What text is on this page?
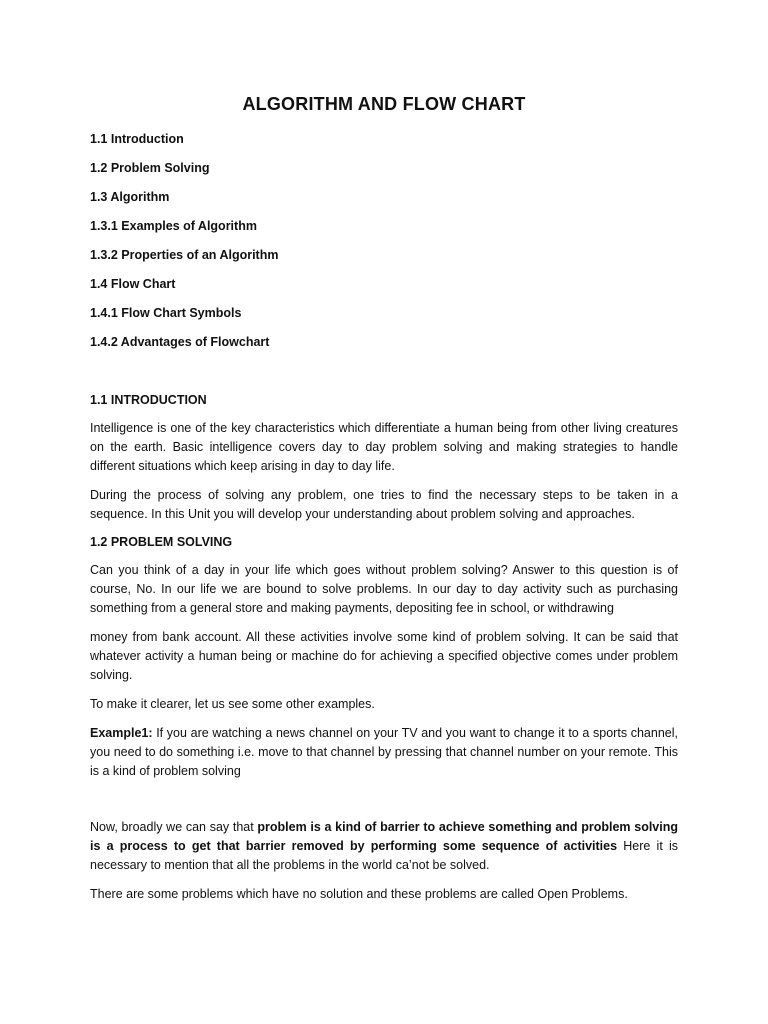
ALGORITHM AND FLOW CHART
1.1 Introduction
1.2 Problem Solving
1.3 Algorithm
1.3.1 Examples of Algorithm
1.3.2 Properties of an Algorithm
1.4 Flow Chart
1.4.1 Flow Chart Symbols
1.4.2 Advantages of Flowchart
1.1 INTRODUCTION

Intelligence is one of the key characteristics which differentiate a human being from other living creatures on the earth. Basic intelligence covers day to day problem solving and making strategies to handle different situations which keep arising in day to day life.

During the process of solving any problem, one tries to find the necessary steps to be taken in a sequence. In this Unit you will develop your understanding about problem solving and approaches.

1.2 PROBLEM SOLVING

Can you think of a day in your life which goes without problem solving? Answer to this question is of course, No. In our life we are bound to solve problems. In our day to day activity such as purchasing something from a general store and making payments, depositing fee in school, or withdrawing

money from bank account. All these activities involve some kind of problem solving. It can be said that whatever activity a human being or machine do for achieving a specified objective comes under problem solving.

To make it clearer, let us see some other examples.

Example1: If you are watching a news channel on your TV and you want to change it to a sports channel, you need to do something i.e. move to that channel by pressing that channel number on your remote. This is a kind of problem solving

Now, broadly we can say that problem is a kind of barrier to achieve something and problem solving is a process to get that barrier removed by performing some sequence of activities Here it is necessary to mention that all the problems in the world ca’not be solved.

There are some problems which have no solution and these problems are called Open Problems.
